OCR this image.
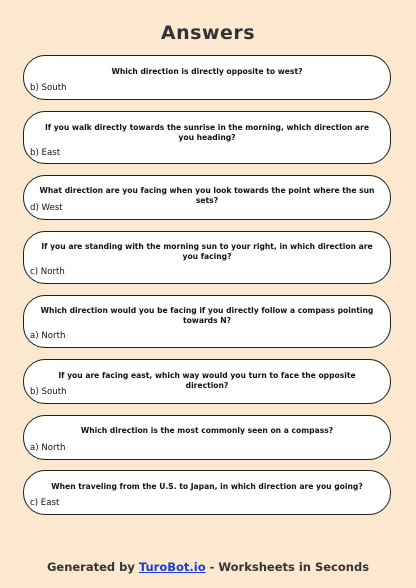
Answers
Which direction is directly opposite to west?
b) South
If you walk directly towards the sunrise in the morning, which direction are you heading?
b) East
What direction are you facing when you look towards the point where the sun sets?
d) West
If you are standing with the morning sun to your right, in which direction are you facing?
c) North
Which direction would you be facing if you directly follow a compass pointing towards N?
a) North
If you are facing east, which way would you turn to face the opposite direction?
b) South
Which direction is the most commonly seen on a compass?
a) North
When traveling from the U.S. to Japan, in which direction are you going?
c) East
Generated by TuroBot.io - Worksheets in Seconds
